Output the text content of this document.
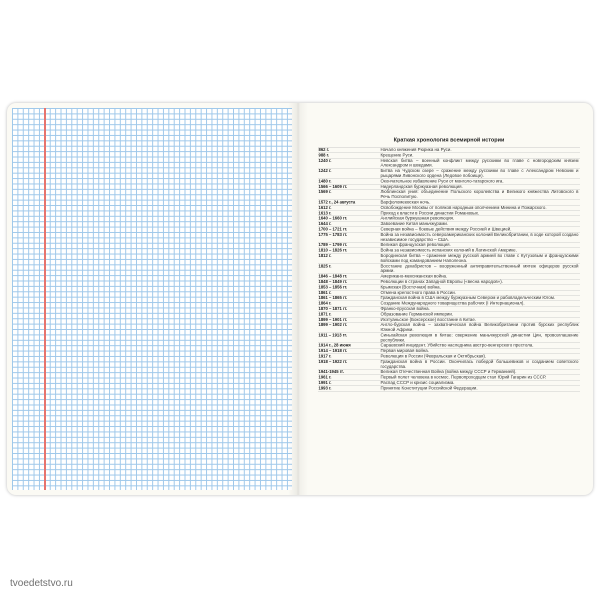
Краткая хронология всемирной истории
862 г.	Начало княжения Рюрика на Руси.
988 г.	Крещение Руси.
1240 г.	Невская битва – военный конфликт между русскими во главе с новгородским князем Александром и шведами.
1242 г.	Битва на Чудском озере – сражение между русскими во главе с Александром Невским и рыцарями Ливонского ордена (Ледовое побоище).
1480 г.	Окончательное избавление Руси от монголо-татарского ига.
1566 – 1609 гг.	Нидерландская буржуазная революция.
1569 г.	Люблинская уния: объединение Польского королевства и Великого княжества Литовского в Речь Посполитую.
1572 г., 24 августа	Варфоломеевская ночь.
1612 г.	Освобождение Москвы от поляков народным ополчением Минина и Пожарского.
1613 г.	Приход к власти в России династии Романовых.
1640 – 1660 гг.	Английская буржуазная революция.
1644 г.	Завоевание Китая маньчжурами.
1700 – 1721 гг.	Северная война – боевые действия между Россией и Швецией.
1775 – 1783 гг.	Война за независимость североамериканских колоний Великобритании, в ходе которой создано независимое государство – США.
1789 – 1799 гг.	Великая французская революция.
1810 – 1826 гг.	Война за независимость испанских колоний в Латинской Америке.
1812 г.	Бородинская битва – сражение между русской армией во главе с Кутузовым и французскими войсками под командованием Наполеона.
1825 г.	Восстание декабристов – вооруженный антиправительственный мятеж офицеров русской армии.
1846 – 1848 гг.	Американо-мексиканская война.
1848 – 1849 гг.	Революции в странах Западной Европы («весна народов»).
1853 – 1856 гг.	Крымская (Восточная) война.
1861 г.	Отмена крепостного права в России.
1861 – 1865 гг.	Гражданская война в США между буржуазным Севером и рабовладельческим Югом.
1864 г.	Создание Международного товарищества рабочих (I Интернационал).
1870 – 1871 гг.	Франко-прусская война.
1871 г.	Образование Германской империи.
1899 – 1901 гг.	Ихэтуаньское (Боксерское) восстание в Китае.
1899 – 1902 гг.	Англо-бурская война – захватническая война Великобритании против бурских республик Южной Африки.
1911 – 1913 гг.	Синьхайская революция в Китае: свержение маньчжурской династии Цин, провозглашение республики.
1914 г., 28 июня	Сараевский инцидент. Убийство наследника австро-венгерского престола.
1914 – 1918 гг.	Первая мировая война.
1917 г.	Революция в России (Февральская и Октябрьская).
1918 – 1922 гг.	Гражданская война в России. Окончилась победой большевиков и созданием советского государства.
1941-1945 гг.	Великая Отечественная Война (война между СССР и Германией).
1961 г.	Первый полет человека в космос. Первопроходцем стал Юрий Гагарин из СССР.
1991 г.	Распад СССР и кризис социализма.
1993 г.	Принятие Конституции Российской Федерации.
tvoedetstvo.ru
